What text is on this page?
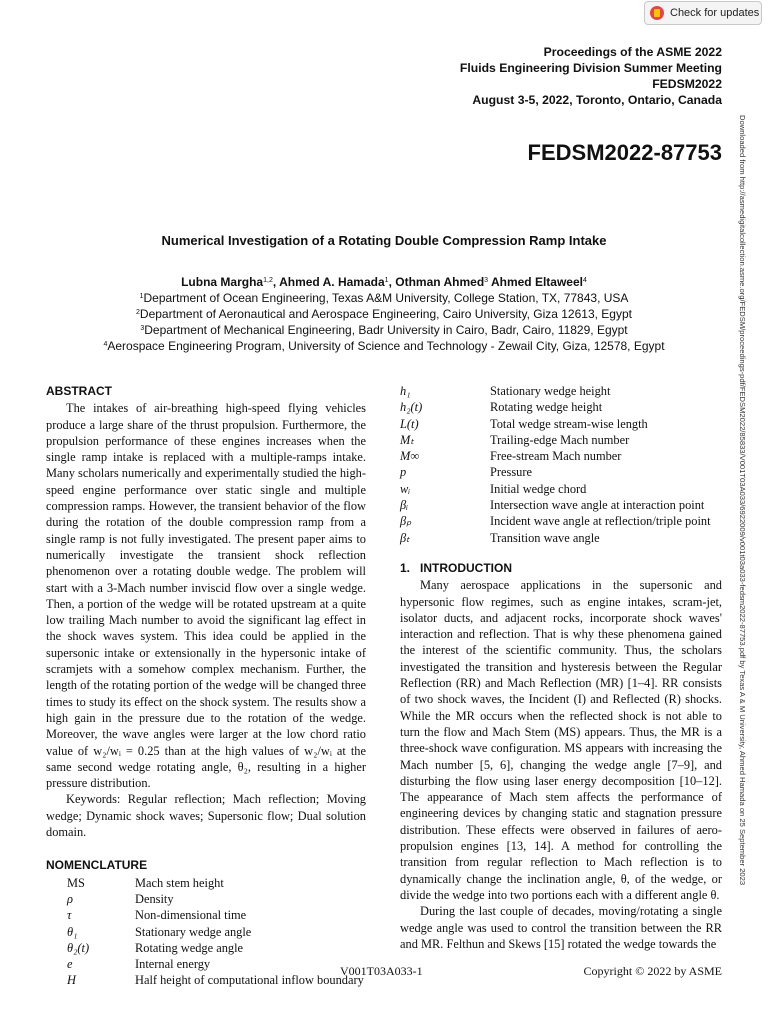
Check for updates
Proceedings of the ASME 2022
Fluids Engineering Division Summer Meeting
FEDSM2022
August 3-5, 2022, Toronto, Ontario, Canada
FEDSM2022-87753
Numerical Investigation of a Rotating Double Compression Ramp Intake
Lubna Margha$^{1,2}$, Ahmed A. Hamada$^1$, Othman Ahmed$^3$ Ahmed Eltaweel$^4$
$^1$Department of Ocean Engineering, Texas A&M University, College Station, TX, 77843, USA
$^2$Department of Aeronautical and Aerospace Engineering, Cairo University, Giza 12613, Egypt
$^3$Department of Mechanical Engineering, Badr University in Cairo, Badr, Cairo, 11829, Egypt
$^4$Aerospace Engineering Program, University of Science and Technology - Zewail City, Giza, 12578, Egypt	Downloaded from http://asmedigitalcollection.asme.org/FEDSM/proceedings-pdf/FEDSM2022/85833/V001T03A033/6922009/v001t03a033-fedsm2022-87753.pdf by Texas A & M University, Ahmed Hamada on 25 September 2023
ABSTRACT

The intakes of air-breathing high-speed flying vehicles produce a large share of the thrust propulsion. Furthermore, the propulsion performance of these engines increases when the single ramp intake is replaced with a multiple-ramps intake. Many scholars numerically and experimentally studied the high-speed engine performance over static single and multiple compression ramps. However, the transient behavior of the flow during the rotation of the double compression ramp from a single ramp is not fully investigated. The present paper aims to numerically investigate the transient shock reflection phenomenon over a rotating double wedge. The problem will start with a 3-Mach number inviscid flow over a single wedge. Then, a portion of the wedge will be rotated upstream at a quite low trailing Mach number to avoid the significant lag effect in the shock waves system. This idea could be applied in the supersonic intake or extensionally in the hypersonic intake of scramjets with a somehow complex mechanism. Further, the length of the rotating portion of the wedge will be changed three times to study its effect on the shock system. The results show a high gain in the pressure due to the rotation of the wedge. Moreover, the wave angles were larger at the low chord ratio value of w₂/wᵢ = 0.25 than at the high values of w₂/wᵢ at the same second wedge rotating angle, θ₂, resulting in a higher pressure distribution.

Keywords: Regular reflection; Mach reflection; Moving wedge; Dynamic shock waves; Supersonic flow; Dual solution domain.

NOMENCLATURE
MS	Mach stem height
ρ	Density
τ	Non-dimensional time
θ₁	Stationary wedge angle
θ₂(t)	Rotating wedge angle
e	Internal energy
H	Half height of computational inflow boundary
h₁	Stationary wedge height
h₂(t)	Rotating wedge height
L(t)	Total wedge stream-wise length
Mₜ	Trailing-edge Mach number
M∞	Free-stream Mach number
p	Pressure
wᵢ	Initial wedge chord
βᵢ	Intersection wave angle at interaction point
βₚ	Incident wave angle at reflection/triple point
βₜ	Transition wave angle
1.   INTRODUCTION

Many aerospace applications in the supersonic and hypersonic flow regimes, such as engine intakes, scram-jet, isolator ducts, and adjacent rocks, incorporate shock waves' interaction and reflection. That is why these phenomena gained the interest of the scientific community. Thus, the scholars investigated the transition and hysteresis between the Regular Reflection (RR) and Mach Reflection (MR) [1–4]. RR consists of two shock waves, the Incident (I) and Reflected (R) shocks. While the MR occurs when the reflected shock is not able to turn the flow and Mach Stem (MS) appears. Thus, the MR is a three-shock wave configuration. MS appears with increasing the Mach number [5, 6], changing the wedge angle [7–9], and disturbing the flow using laser energy decomposition [10–12]. The appearance of Mach stem affects the performance of engineering devices by changing static and stagnation pressure distribution. These effects were observed in failures of aero-propulsion engines [13, 14]. A method for controlling the transition from regular reflection to Mach reflection is to dynamically change the inclination angle, θ, of the wedge, or divide the wedge into two portions each with a different angle θ.

During the last couple of decades, moving/rotating a single wedge angle was used to control the transition between the RR and MR. Felthun and Skews [15] rotated the wedge towards the

V001T03A033-1	Copyright © 2022 by ASME
